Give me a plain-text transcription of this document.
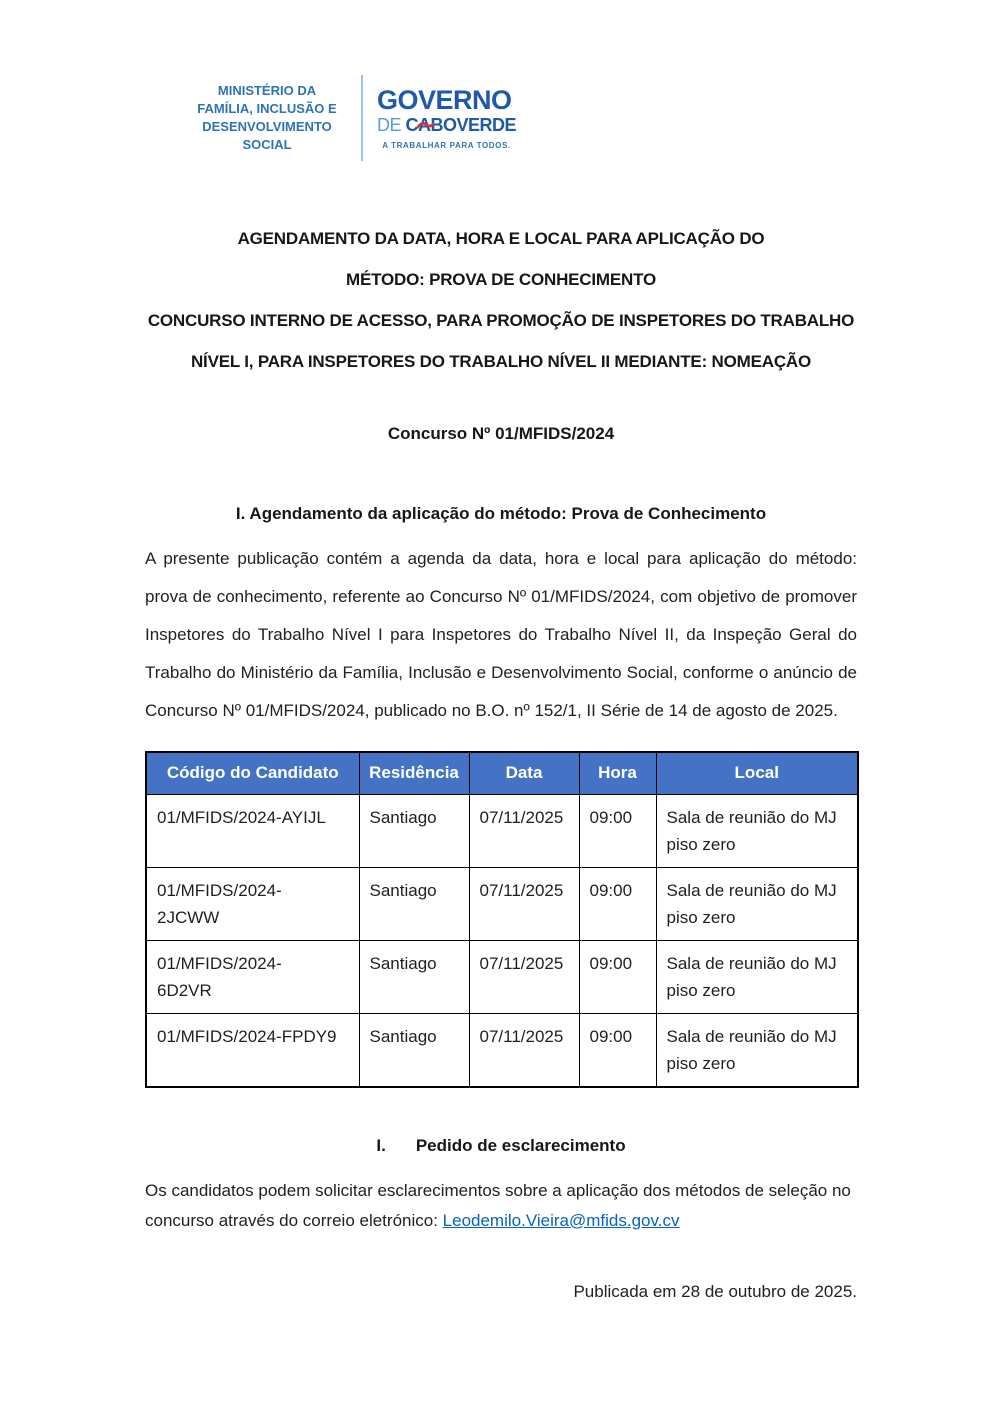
MINISTÉRIO DA
FAMÍLIA, INCLUSÃO E
DESENVOLVIMENTO SOCIAL
GOVERNO
DE CABOVERDE
A TRABALHAR PARA TODOS.
AGENDAMENTO DA DATA, HORA E LOCAL PARA APLICAÇÃO DO
MÉTODO: PROVA DE CONHECIMENTO
CONCURSO INTERNO DE ACESSO, PARA PROMOÇÃO DE INSPETORES DO TRABALHO
NÍVEL I, PARA INSPETORES DO TRABALHO NÍVEL II MEDIANTE: NOMEAÇÃO
Concurso Nº 01/MFIDS/2024
I. Agendamento da aplicação do método: Prova de Conhecimento

A presente publicação contém a agenda da data, hora e local para aplicação do método: prova de conhecimento, referente ao Concurso Nº 01/MFIDS/2024, com objetivo de promover Inspetores do Trabalho Nível I para Inspetores do Trabalho Nível II, da Inspeção Geral do Trabalho do Ministério da Família, Inclusão e Desenvolvimento Social, conforme o anúncio de Concurso Nº 01/MFIDS/2024, publicado no B.O. nº 152/1, II Série de 14 de agosto de 2025.

Código do Candidato	Residência	Data	Hora	Local
01/MFIDS/2024-AYIJL	Santiago	07/11/2025	09:00	Sala de reunião do MJ piso zero
01/MFIDS/2024-2JCWW	Santiago	07/11/2025	09:00	Sala de reunião do MJ piso zero
01/MFIDS/2024-6D2VR	Santiago	07/11/2025	09:00	Sala de reunião do MJ piso zero
01/MFIDS/2024-FPDY9	Santiago	07/11/2025	09:00	Sala de reunião do MJ piso zero
I. Pedido de esclarecimento

Os candidatos podem solicitar esclarecimentos sobre a aplicação dos métodos de seleção no concurso através do correio eletrónico: Leodemilo.Vieira@mfids.gov.cv

Publicada em 28 de outubro de 2025.
